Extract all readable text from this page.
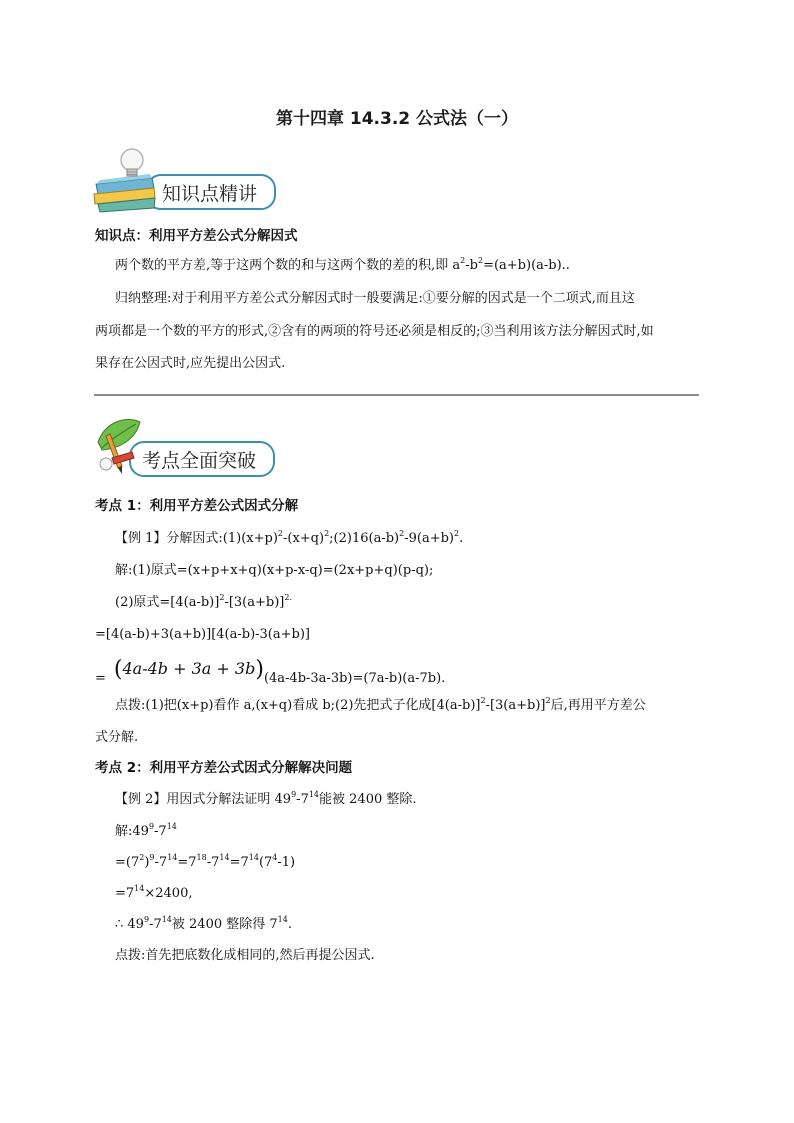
第十四章 14.3.2 公式法（一）
知识点精讲
知识点：利用平方差公式分解因式
两个数的平方差,等于这两个数的和与这两个数的差的积,即 $a^2-b^2=(a+b)(a-b)$..
归纳整理:对于利用平方差公式分解因式时一般要满足:①要分解的因式是一个二项式,而且这
两项都是一个数的平方的形式,②含有的两项的符号还必须是相反的;③当利用该方法分解因式时,如
果存在公因式时,应先提出公因式.
考点全面突破
考点 1：利用平方差公式因式分解
【例 1】分解因式$:(1)(x+p)^2-(x+q)^2;(2)16(a-b)^2-9(a+b)^2$.
解:(1)原式=(x+p+x+q)(x+p-x-q)=(2x+p+q)(p-q);
(2)原式$=[4(a-b)]^2-[3(a+b)]^{2.}$
=[4(a-b)+3(a+b)][4(a-b)-3(a+b)]
= (4a-4b + 3a + 3b)(4a-4b-3a-3b)=(7a-b)(a-7b).
点拨:(1)把(x+p)看作 a,(x+q)看成 b;(2)先把式子化成$[4(a-b)]^2-[3(a+b)]^2$后,再用平方差公
式分解.
考点 2：利用平方差公式因式分解解决问题
【例 2】用因式分解法证明 $49^9-7^{14}$能被 2400 整除.
解$:49^9-7^{14}$
$=(7^2)^9-7^{14}=7^{18}-7^{14}=7^{14}(7^4-1)$
$=7^{14}\times 2400$,
∴ $49^9-7^{14}$被 2400 整除得 $7^{14}$.
点拨:首先把底数化成相同的,然后再提公因式.
